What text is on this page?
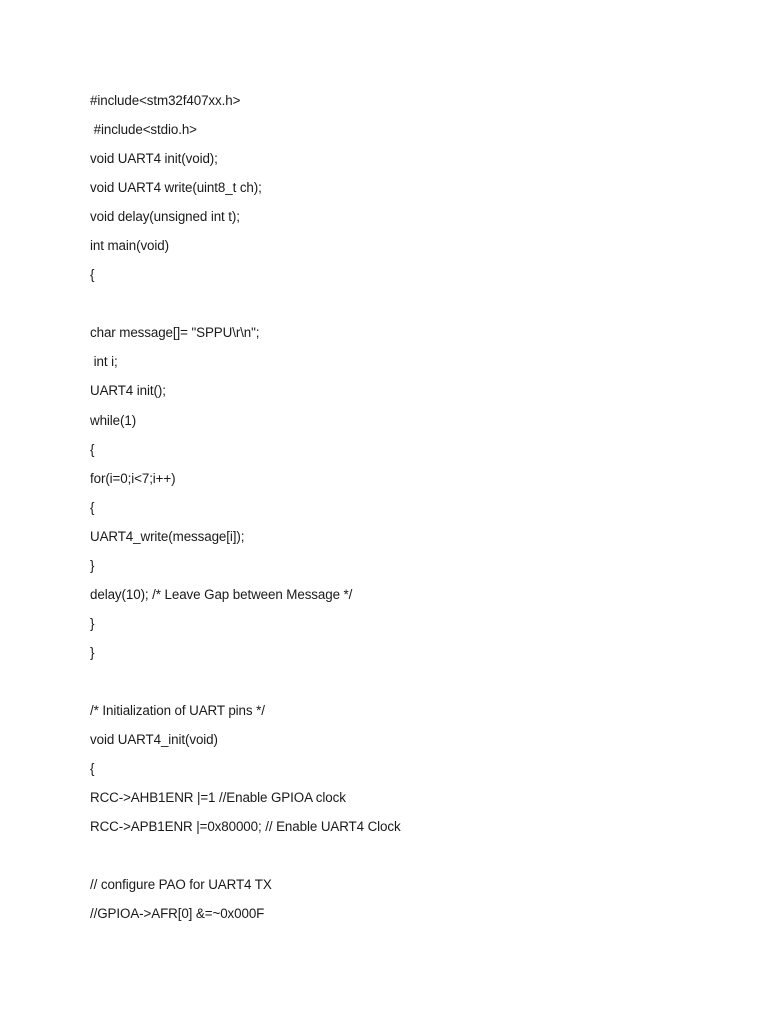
#include<stm32f407xx.h>
#include<stdio.h>
void UART4 init(void);
void UART4 write(uint8_t ch);
void delay(unsigned int t);
int main(void)
{
char message[]= "SPPU\r\n";
int i;
UART4 init();
while(1)
{
for(i=0;i<7;i++)
{
UART4_write(message[i]);
}
delay(10); /* Leave Gap between Message */
}
}
/* Initialization of UART pins */
void UART4_init(void)
{
RCC->AHB1ENR |=1 //Enable GPIOA clock
RCC->APB1ENR |=0x80000; // Enable UART4 Clock
// configure PAO for UART4 TX
//GPIOA->AFR[0] &=~0x000F
